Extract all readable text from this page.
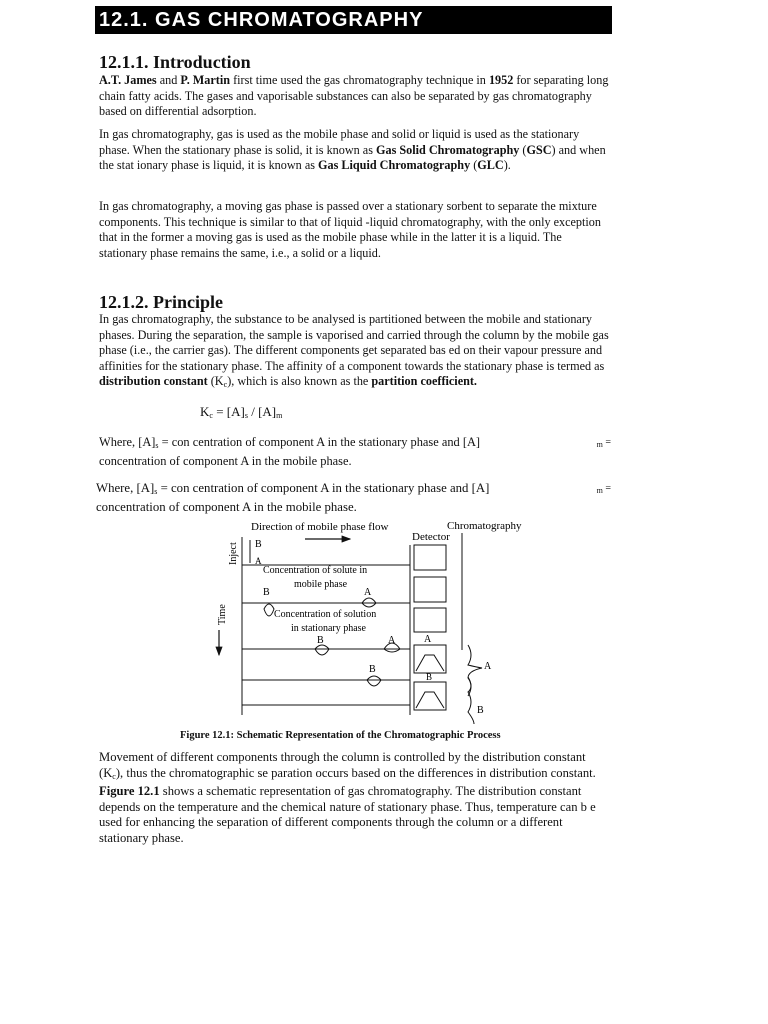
12.1. GAS CHROMATOGRAPHY
12.1.1. Introduction
A.T. James and P. Martin first time used the gas chromatography technique in 1952 for separating long chain fatty acids. The gases and vaporisable substances can also be separated by gas chromatography based on differential adsorption.
In gas chromatography, gas is used as the mobile phase and solid or liquid is used as the stationary phase. When the stationary phase is solid, it is known as Gas Solid Chromatography (GSC) and when the stat ionary phase is liquid, it is known as Gas Liquid Chromatography (GLC).
In gas chromatography, a moving gas phase is passed over a stationary sorbent to separate the mixture components. This technique is similar to that of liquid -liquid chromatography, with the only exception that in the former a moving gas is used as the mobile phase while in the latter it is a liquid. The stationary phase remains the same, i.e., a solid or a liquid.
12.1.2. Principle
In gas chromatography, the substance to be analysed is partitioned between the mobile and stationary phases. During the separation, the sample is vaporised and carried through the column by the mobile gas phase (i.e., the carrier gas). The different components get separated bas ed on their vapour pressure and affinities for the stationary phase. The affinity of a component towards the stationary phase is termed as distribution constant $(K_c)$, which is also known as the partition coefficient.
$K_c = [A]_s / [A]_m$
Where, $[A]_s$ = con centration of component A in the stationary phase and [A]	$_m$ =

concentration of component A in the mobile phase.
Where, $[A]_s$ = con centration of component A in the stationary phase and [A]	$_m$ =

concentration of component A in the mobile phase.
Direction of mobile phase flow	Chromatography
Detector
Inject
Time
B
A
Concentration of solute in
mobile phase
B	A
Concentration of solution
in stationary phase
B	A
B
A
B
A
B
Figure 12.1: Schematic Representation of the Chromatographic Process
Movement of different components through the column is controlled by the distribution constant $(K_c)$, thus the chromatographic se paration occurs based on the differences in distribution constant. Figure 12.1 shows a schematic representation of gas chromatography. The distribution constant depends on the temperature and the chemical nature of stationary phase. Thus, temperature can b e used for enhancing the separation of different components through the column or a different stationary phase.
